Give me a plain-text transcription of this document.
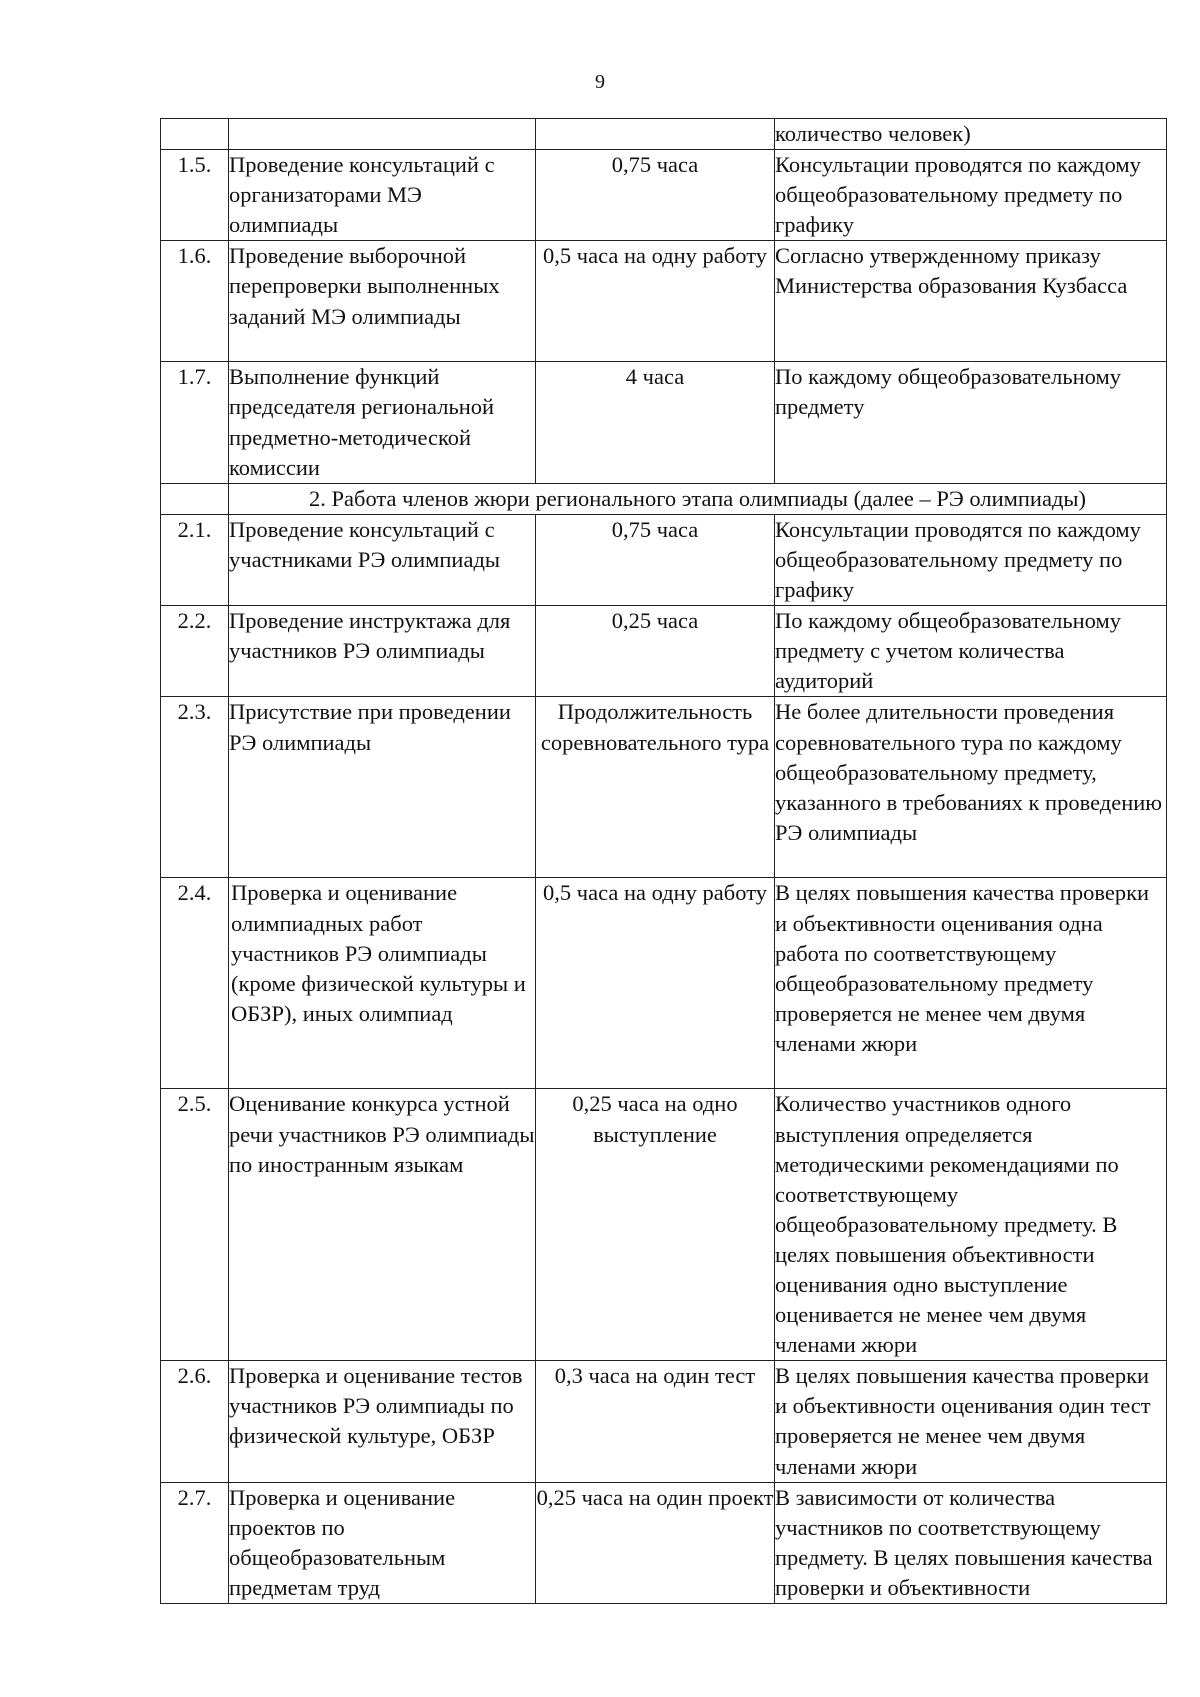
9
			количество человек)
1.5.	Проведение консультаций с организаторами МЭ олимпиады	0,75 часа	Консультации проводятся по каждому общеобразовательному предмету по графику
1.6.	Проведение выборочной перепроверки выполненных заданий МЭ олимпиады	0,5 часа на одну работу	Согласно утвержденному приказу Министерства образования Кузбасса
1.7.	Выполнение функций председателя региональной предметно-методической комиссии	4 часа	По каждому общеобразовательному предмету
	2. Работа членов жюри регионального этапа олимпиады (далее – РЭ олимпиады)		
2.1.	Проведение консультаций с участниками РЭ олимпиады	0,75 часа	Консультации проводятся по каждому общеобразовательному предмету по графику
2.2.	Проведение инструктажа для участников РЭ олимпиады	0,25 часа	По каждому общеобразовательному предмету с учетом количества аудиторий
2.3.	Присутствие при проведении РЭ олимпиады	Продолжительность соревновательного тура	Не более длительности проведения соревновательного тура по каждому общеобразовательному предмету, указанного в требованиях к проведению РЭ олимпиады
2.4.	Проверка и оценивание олимпиадных работ участников РЭ олимпиады (кроме физической культуры и ОБЗР), иных олимпиад	0,5 часа на одну работу	В целях повышения качества проверки и объективности оценивания одна работа по соответствующему общеобразовательному предмету проверяется не менее чем двумя членами жюри
2.5.	Оценивание конкурса устной речи участников РЭ олимпиады по иностранным языкам	0,25 часа на одно выступление	Количество участников одного выступления определяется методическими рекомендациями по соответствующему общеобразовательному предмету. В целях повышения объективности оценивания одно выступление оценивается не менее чем двумя членами жюри
2.6.	Проверка и оценивание тестов участников РЭ олимпиады по физической культуре, ОБЗР	0,3 часа на один тест	В целях повышения качества проверки и объективности оценивания один тест проверяется не менее чем двумя членами жюри
2.7.	Проверка и оценивание проектов по общеобразовательным предметам труд	0,25 часа на один проект	В зависимости от количества участников по соответствующему предмету. В целях повышения качества проверки и объективности
